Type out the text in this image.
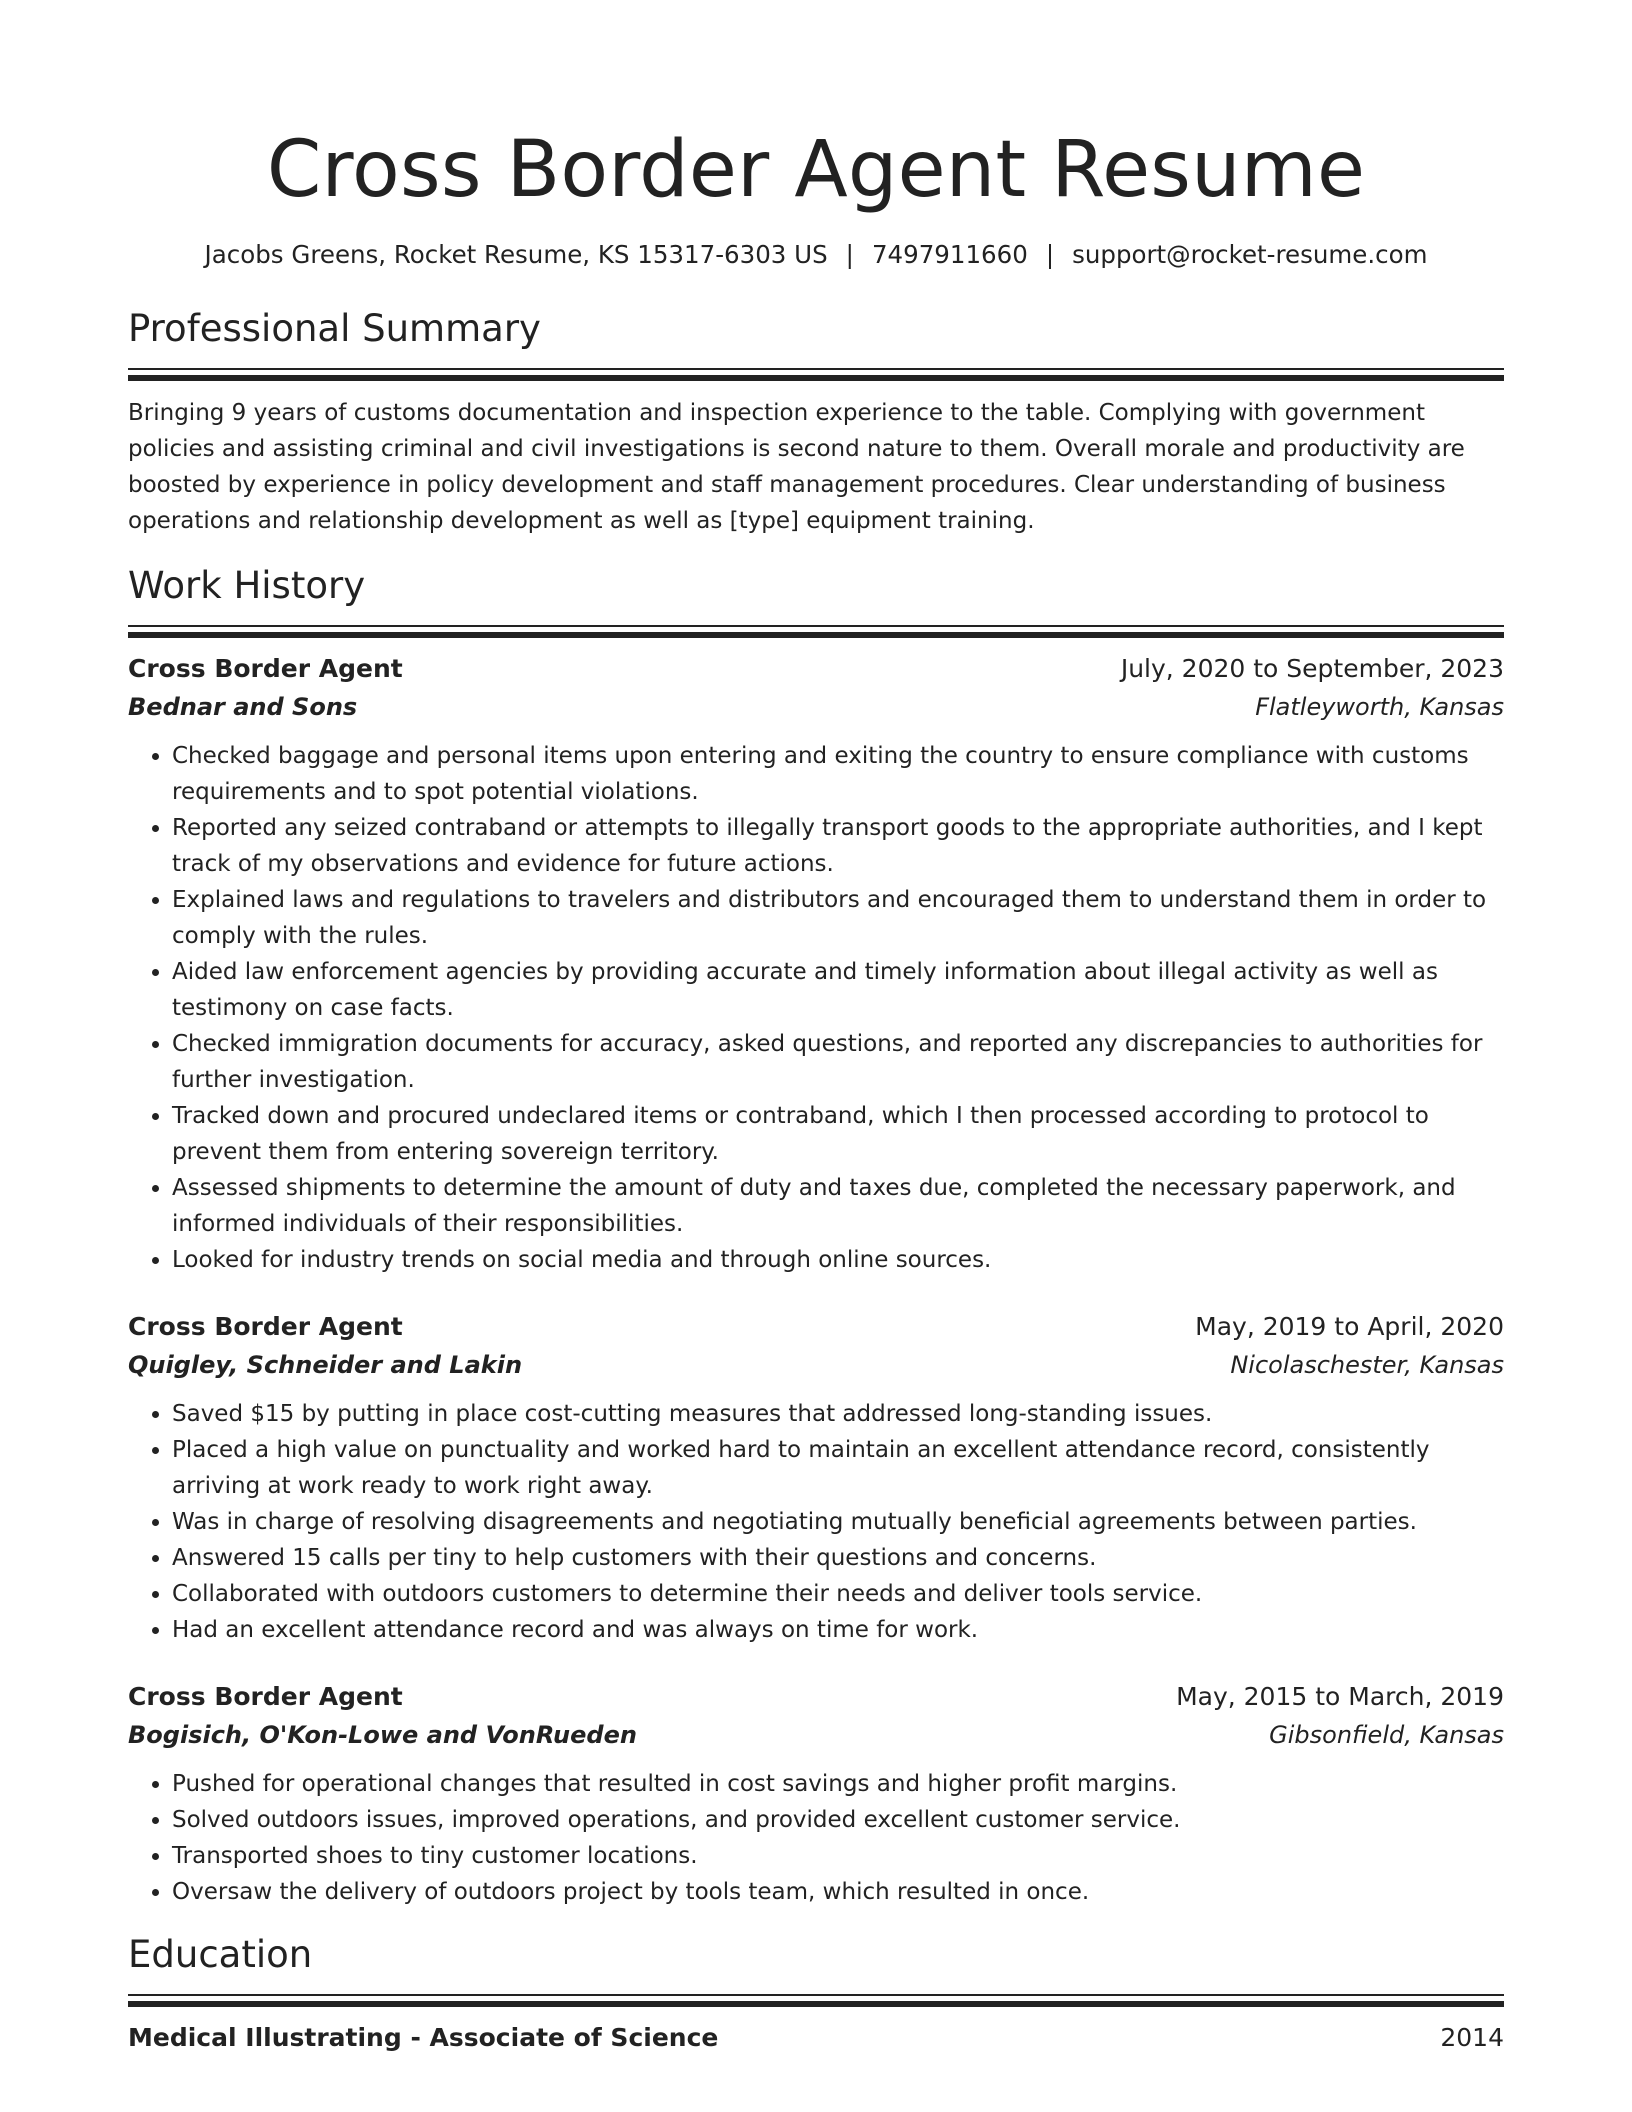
Cross Border Agent Resume
Jacobs Greens, Rocket Resume, KS 15317-6303 US | 7497911660 | support@rocket-resume.com
Professional Summary
Bringing 9 years of customs documentation and inspection experience to the table. Complying with government policies and assisting criminal and civil investigations is second nature to them. Overall morale and productivity are boosted by experience in policy development and staff management procedures. Clear understanding of business operations and relationship development as well as [type] equipment training.
Work History
Cross Border Agent	July, 2020 to September, 2023
Bednar and Sons	Flatleyworth, Kansas
• Checked baggage and personal items upon entering and exiting the country to ensure compliance with customs requirements and to spot potential violations.
• Reported any seized contraband or attempts to illegally transport goods to the appropriate authorities, and I kept track of my observations and evidence for future actions.
• Explained laws and regulations to travelers and distributors and encouraged them to understand them in order to comply with the rules.
• Aided law enforcement agencies by providing accurate and timely information about illegal activity as well as testimony on case facts.
• Checked immigration documents for accuracy, asked questions, and reported any discrepancies to authorities for further investigation.
• Tracked down and procured undeclared items or contraband, which I then processed according to protocol to prevent them from entering sovereign territory.
• Assessed shipments to determine the amount of duty and taxes due, completed the necessary paperwork, and informed individuals of their responsibilities.
• Looked for industry trends on social media and through online sources.
Cross Border Agent	May, 2019 to April, 2020
Quigley, Schneider and Lakin	Nicolaschester, Kansas
• Saved $15 by putting in place cost-cutting measures that addressed long-standing issues.
• Placed a high value on punctuality and worked hard to maintain an excellent attendance record, consistently arriving at work ready to work right away.
• Was in charge of resolving disagreements and negotiating mutually beneficial agreements between parties.
• Answered 15 calls per tiny to help customers with their questions and concerns.
• Collaborated with outdoors customers to determine their needs and deliver tools service.
• Had an excellent attendance record and was always on time for work.
Cross Border Agent	May, 2015 to March, 2019
Bogisich, O'Kon-Lowe and VonRueden	Gibsonfield, Kansas
• Pushed for operational changes that resulted in cost savings and higher profit margins.
• Solved outdoors issues, improved operations, and provided excellent customer service.
• Transported shoes to tiny customer locations.
• Oversaw the delivery of outdoors project by tools team, which resulted in once.
Education
Medical Illustrating - Associate of Science	2014
